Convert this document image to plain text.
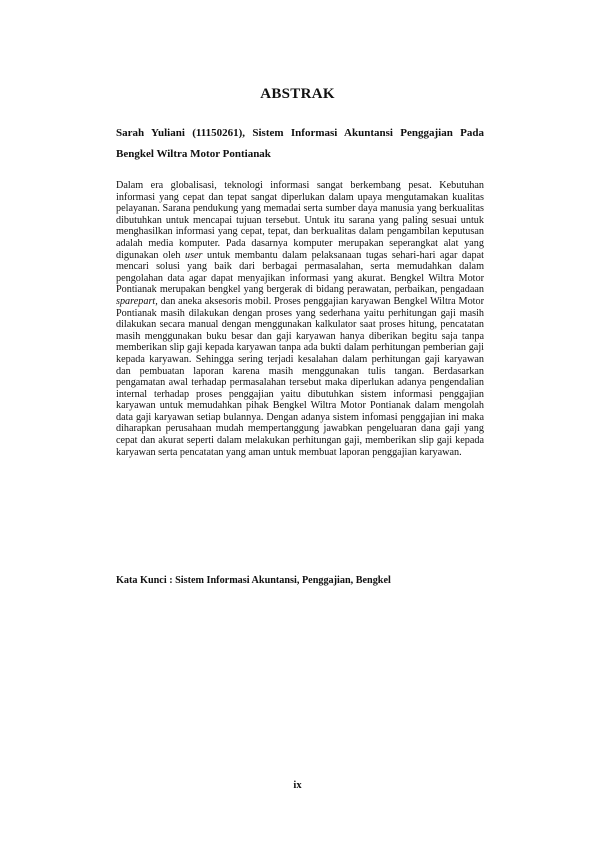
ABSTRAK
Sarah Yuliani (11150261), Sistem Informasi Akuntansi Penggajian Pada Bengkel Wiltra Motor Pontianak

Dalam era globalisasi, teknologi informasi sangat berkembang pesat. Kebutuhan informasi yang cepat dan tepat sangat diperlukan dalam upaya mengutamakan kualitas pelayanan. Sarana pendukung yang memadai serta sumber daya manusia yang berkualitas dibutuhkan untuk mencapai tujuan tersebut. Untuk itu sarana yang paling sesuai untuk menghasilkan informasi yang cepat, tepat, dan berkualitas dalam pengambilan keputusan adalah media komputer. Pada dasarnya komputer merupakan seperangkat alat yang digunakan oleh user untuk membantu dalam pelaksanaan tugas sehari-hari agar dapat mencari solusi yang baik dari berbagai permasalahan, serta memudahkan dalam pengolahan data agar dapat menyajikan informasi yang akurat. Bengkel Wiltra Motor Pontianak merupakan bengkel yang bergerak di bidang perawatan, perbaikan, pengadaan sparepart, dan aneka aksesoris mobil. Proses penggajian karyawan Bengkel Wiltra Motor Pontianak masih dilakukan dengan proses yang sederhana yaitu perhitungan gaji masih dilakukan secara manual dengan menggunakan kalkulator saat proses hitung, pencatatan masih menggunakan buku besar dan gaji karyawan hanya diberikan begitu saja tanpa memberikan slip gaji kepada karyawan tanpa ada bukti dalam perhitungan pemberian gaji kepada karyawan. Sehingga sering terjadi kesalahan dalam perhitungan gaji karyawan dan pembuatan laporan karena masih menggunakan tulis tangan. Berdasarkan pengamatan awal terhadap permasalahan tersebut maka diperlukan adanya pengendalian internal terhadap proses penggajian yaitu dibutuhkan sistem informasi penggajian karyawan untuk memudahkan pihak Bengkel Wiltra Motor Pontianak dalam mengolah data gaji karyawan setiap bulannya. Dengan adanya sistem infomasi penggajian ini maka diharapkan perusahaan mudah mempertanggung jawabkan pengeluaran dana gaji yang cepat dan akurat seperti dalam melakukan perhitungan gaji, memberikan slip gaji kepada karyawan serta pencatatan yang aman untuk membuat laporan penggajian karyawan.

Kata Kunci : Sistem Informasi Akuntansi, Penggajian, Bengkel
ix
